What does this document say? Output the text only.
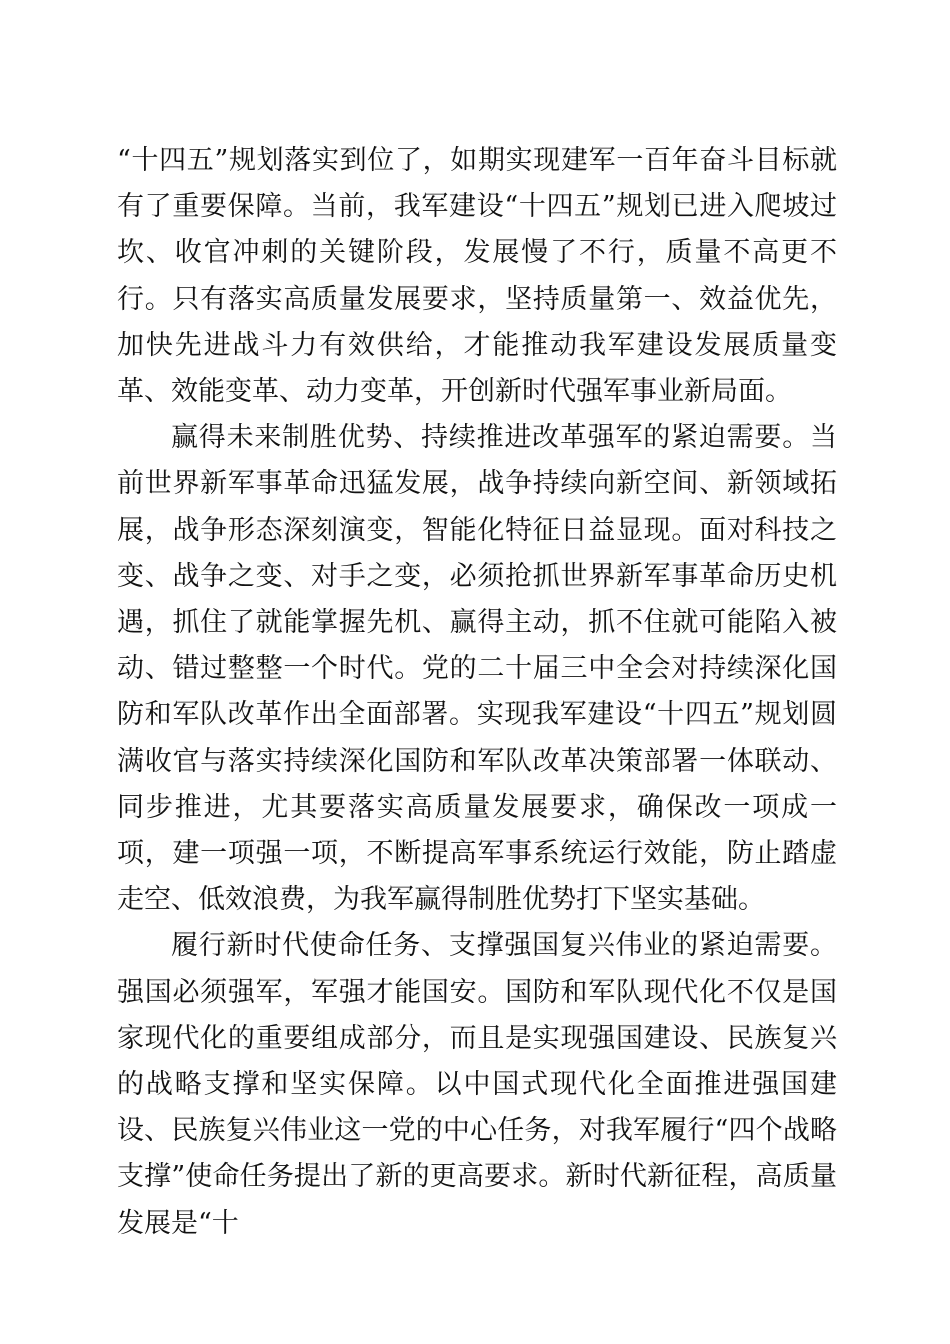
“十四五”规划落实到位了，如期实现建军一百年奋斗目标就有了重要保障。当前，我军建设“十四五”规划已进入爬坡过坎、收官冲刺的关键阶段，发展慢了不行，质量不高更不行。只有落实高质量发展要求，坚持质量第一、效益优先，加快先进战斗力有效供给，才能推动我军建设发展质量变革、效能变革、动力变革，开创新时代强军事业新局面。

赢得未来制胜优势、持续推进改革强军的紧迫需要。当前世界新军事革命迅猛发展，战争持续向新空间、新领域拓展，战争形态深刻演变，智能化特征日益显现。面对科技之变、战争之变、对手之变，必须抢抓世界新军事革命历史机遇，抓住了就能掌握先机、赢得主动，抓不住就可能陷入被动、错过整整一个时代。党的二十届三中全会对持续深化国防和军队改革作出全面部署。实现我军建设“十四五”规划圆满收官与落实持续深化国防和军队改革决策部署一体联动、同步推进，尤其要落实高质量发展要求，确保改一项成一项，建一项强一项，不断提高军事系统运行效能，防止踏虚走空、低效浪费，为我军赢得制胜优势打下坚实基础。

履行新时代使命任务、支撑强国复兴伟业的紧迫需要。强国必须强军，军强才能国安。国防和军队现代化不仅是国家现代化的重要组成部分，而且是实现强国建设、民族复兴的战略支撑和坚实保障。以中国式现代化全面推进强国建设、民族复兴伟业这一党的中心任务，对我军履行“四个战略支撑”使命任务提出了新的更高要求。新时代新征程，高质量发展是“十
